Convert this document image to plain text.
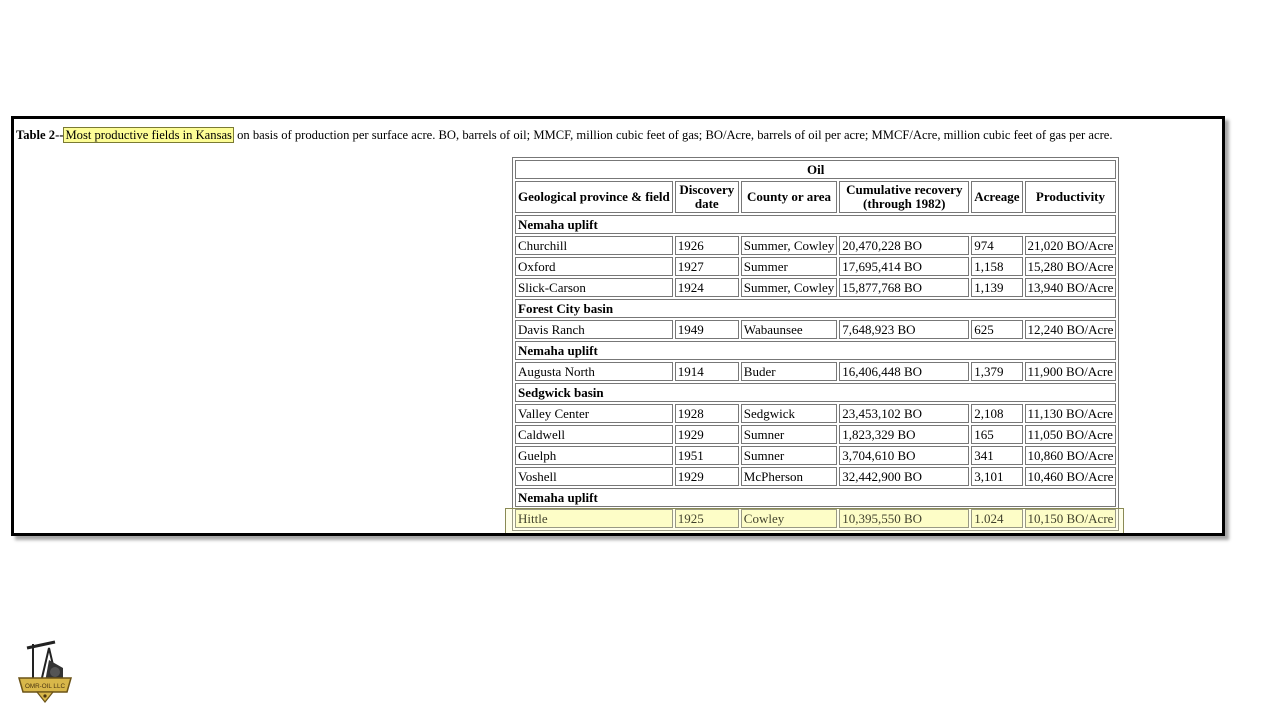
Table 2-- Most productive fields in Kansas on basis of production per surface acre. BO, barrels of oil; MMCF, million cubic feet of gas; BO/Acre, barrels of oil per acre; MMCF/Acre, million cubic feet of gas per acre.
Oil					
Geological province & field	Discovery date	County or area	Cumulative recovery (through 1982)	Acreage	Productivity
Nemaha uplift					
Churchill	1926	Summer, Cowley	20,470,228 BO	974	21,020 BO/Acre
Oxford	1927	Summer	17,695,414 BO	1,158	15,280 BO/Acre
Slick-Carson	1924	Summer, Cowley	15,877,768 BO	1,139	13,940 BO/Acre
Forest City basin					
Davis Ranch	1949	Wabaunsee	7,648,923 BO	625	12,240 BO/Acre
Nemaha uplift					
Augusta North	1914	Buder	16,406,448 BO	1,379	11,900 BO/Acre
Sedgwick basin					
Valley Center	1928	Sedgwick	23,453,102 BO	2,108	11,130 BO/Acre
Caldwell	1929	Sumner	1,823,329 BO	165	11,050 BO/Acre
Guelph	1951	Sumner	3,704,610 BO	341	10,860 BO/Acre
Voshell	1929	McPherson	32,442,900 BO	3,101	10,460 BO/Acre
Nemaha uplift					
Hittle	1925	Cowley	10,395,550 BO	1.024	10,150 BO/Acre
OMR-OIL LLC
